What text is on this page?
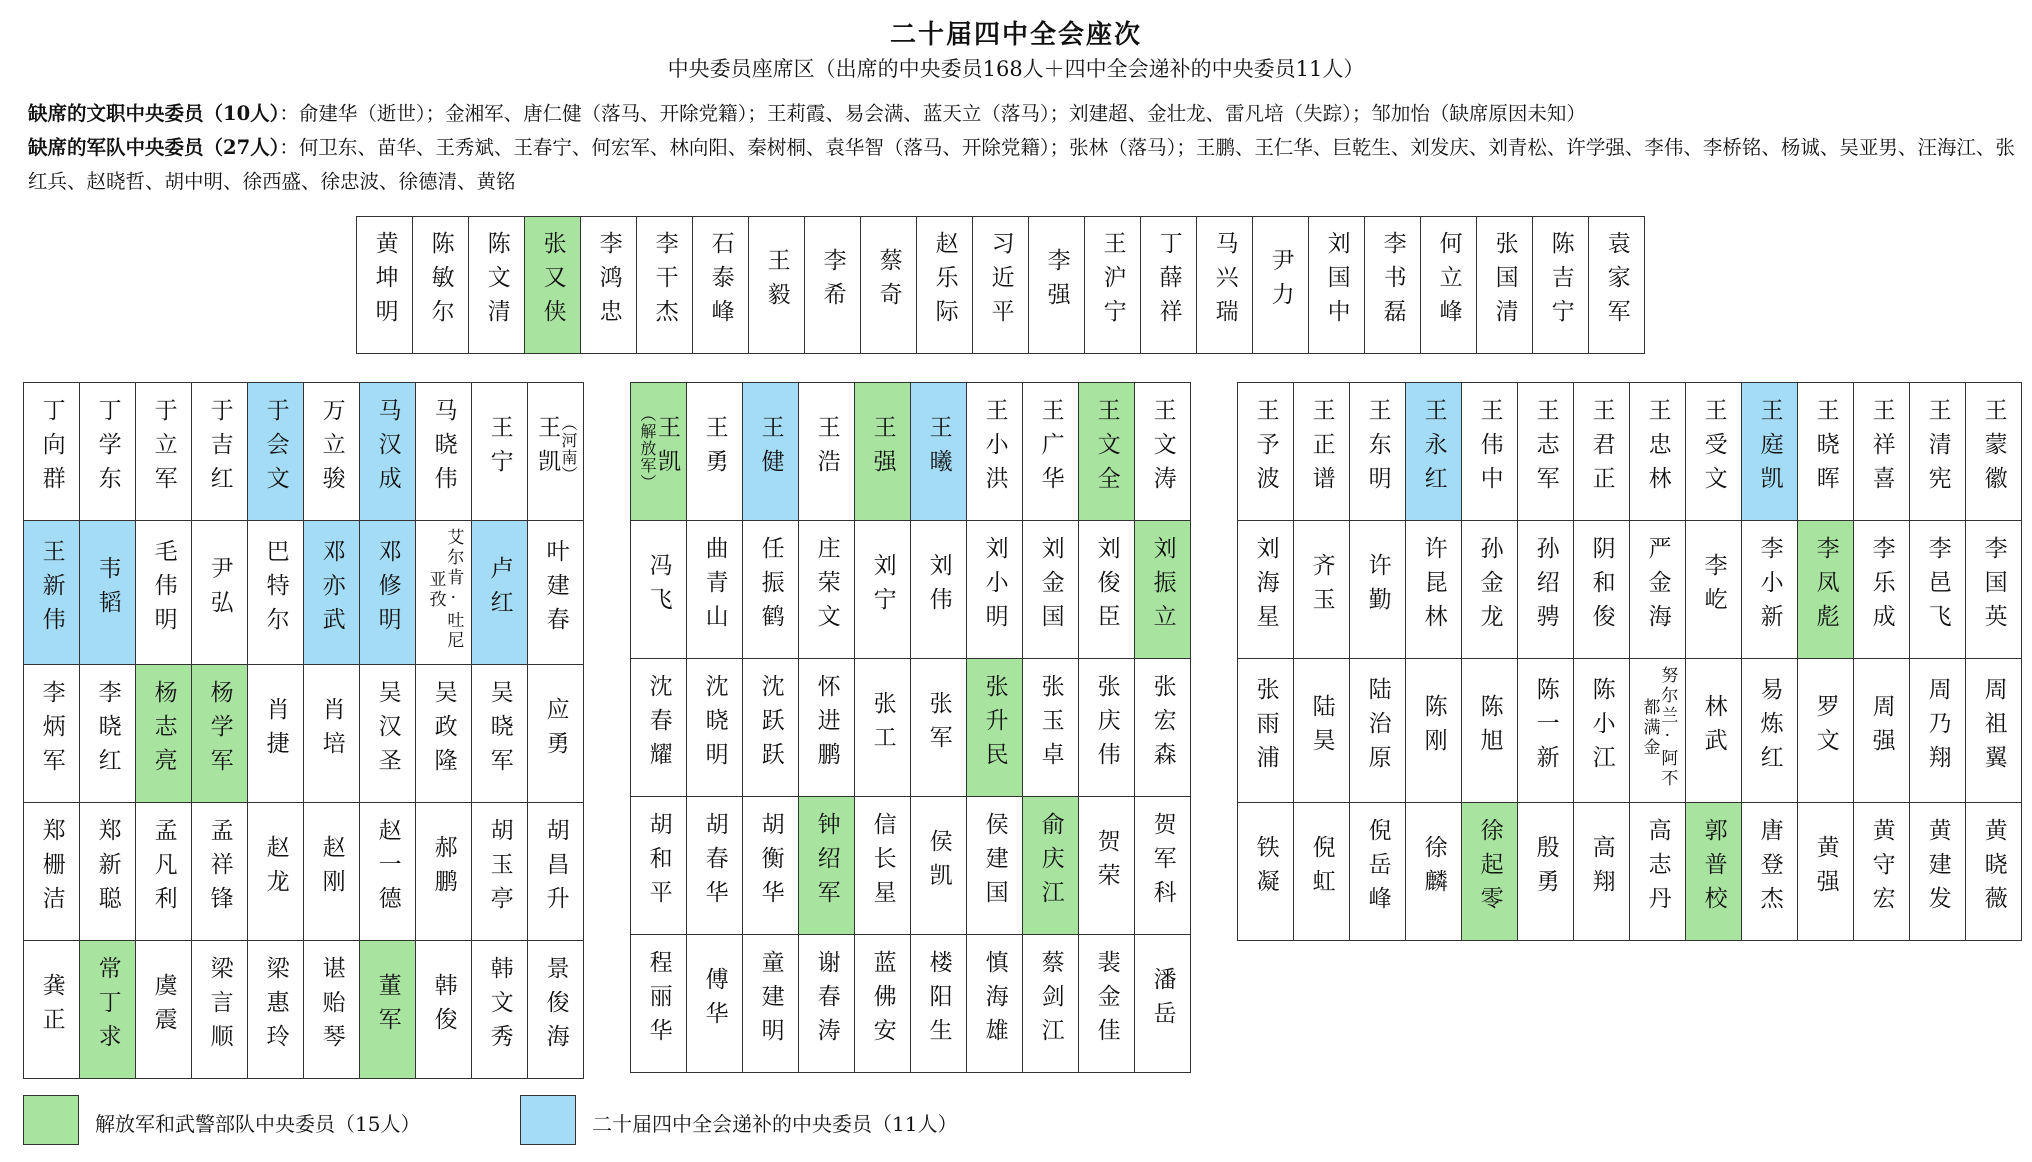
二十届四中全会座次
中央委员座席区（出席的中央委员168人＋四中全会递补的中央委员11人）
缺席的文职中央委员（10人）：俞建华（逝世）；金湘军、唐仁健（落马、开除党籍）；王莉霞、易会满、蓝天立（落马）；刘建超、金壮龙、雷凡培（失踪）；邹加怡（缺席原因未知）
缺席的军队中央委员（27人）：何卫东、苗华、王秀斌、王春宁、何宏军、林向阳、秦树桐、袁华智（落马、开除党籍）；张林（落马）；王鹏、王仁华、巨乾生、刘发庆、刘青松、许学强、李伟、李桥铭、杨诚、吴亚男、汪海江、张红兵、赵晓哲、胡中明、徐西盛、徐忠波、徐德清、黄铭
黄坤明	陈敏尔	陈文清	张又侠	李鸿忠	李干杰	石泰峰	王毅	李希	蔡奇	赵乐际	习近平	李强	王沪宁	丁薛祥	马兴瑞	尹力	刘国中	李书磊	何立峰	张国清	陈吉宁	袁家军
丁向群	丁学东	于立军	于吉红	于会文	万立骏	马汉成	马晓伟	王宁	王凯
（河南）

王新伟	韦韬	毛伟明	尹弘	巴特尔	邓亦武	邓修明	艾尔肯·吐尼亚孜	卢红	叶建春
李炳军	李晓红	杨志亮	杨学军	肖捷	肖培	吴汉圣	吴政隆	吴晓军	应勇
郑栅洁	郑新聪	孟凡利	孟祥锋	赵龙	赵刚	赵一德	郝鹏	胡玉亭	胡昌升
龚正	常丁求	虞震	梁言顺	梁惠玲	谌贻琴	董军	韩俊	韩文秀	景俊海
（解放军）
王凯	王勇	王健	王浩	王强	王曦	王小洪	王广华	王文全	王文涛
冯飞	曲青山	任振鹤	庄荣文	刘宁	刘伟	刘小明	刘金国	刘俊臣	刘振立
沈春耀	沈晓明	沈跃跃	怀进鹏	张工	张军	张升民	张玉卓	张庆伟	张宏森
胡和平	胡春华	胡衡华	钟绍军	信长星	侯凯	侯建国	俞庆江	贺荣	贺军科
程丽华	傅华	童建明	谢春涛	蓝佛安	楼阳生	慎海雄	蔡剑江	裴金佳	潘岳
王予波	王正谱	王东明	王永红	王伟中	王志军	王君正	王忠林	王受文	王庭凯	王晓晖	王祥喜	王清宪	王蒙徽
刘海星	齐玉	许勤	许昆林	孙金龙	孙绍骋	阴和俊	严金海	李屹	李小新	李凤彪	李乐成	李邑飞	李国英
张雨浦	陆昊	陆治原	陈刚	陈旭	陈一新	陈小江	努尔兰·阿不都满金	林武	易炼红	罗文	周强	周乃翔	周祖翼
铁凝	倪虹	倪岳峰	徐麟	徐起零	殷勇	高翔	高志丹	郭普校	唐登杰	黄强	黄守宏	黄建发	黄晓薇
解放军和武警部队中央委员（15人）	二十届四中全会递补的中央委员（11人）
